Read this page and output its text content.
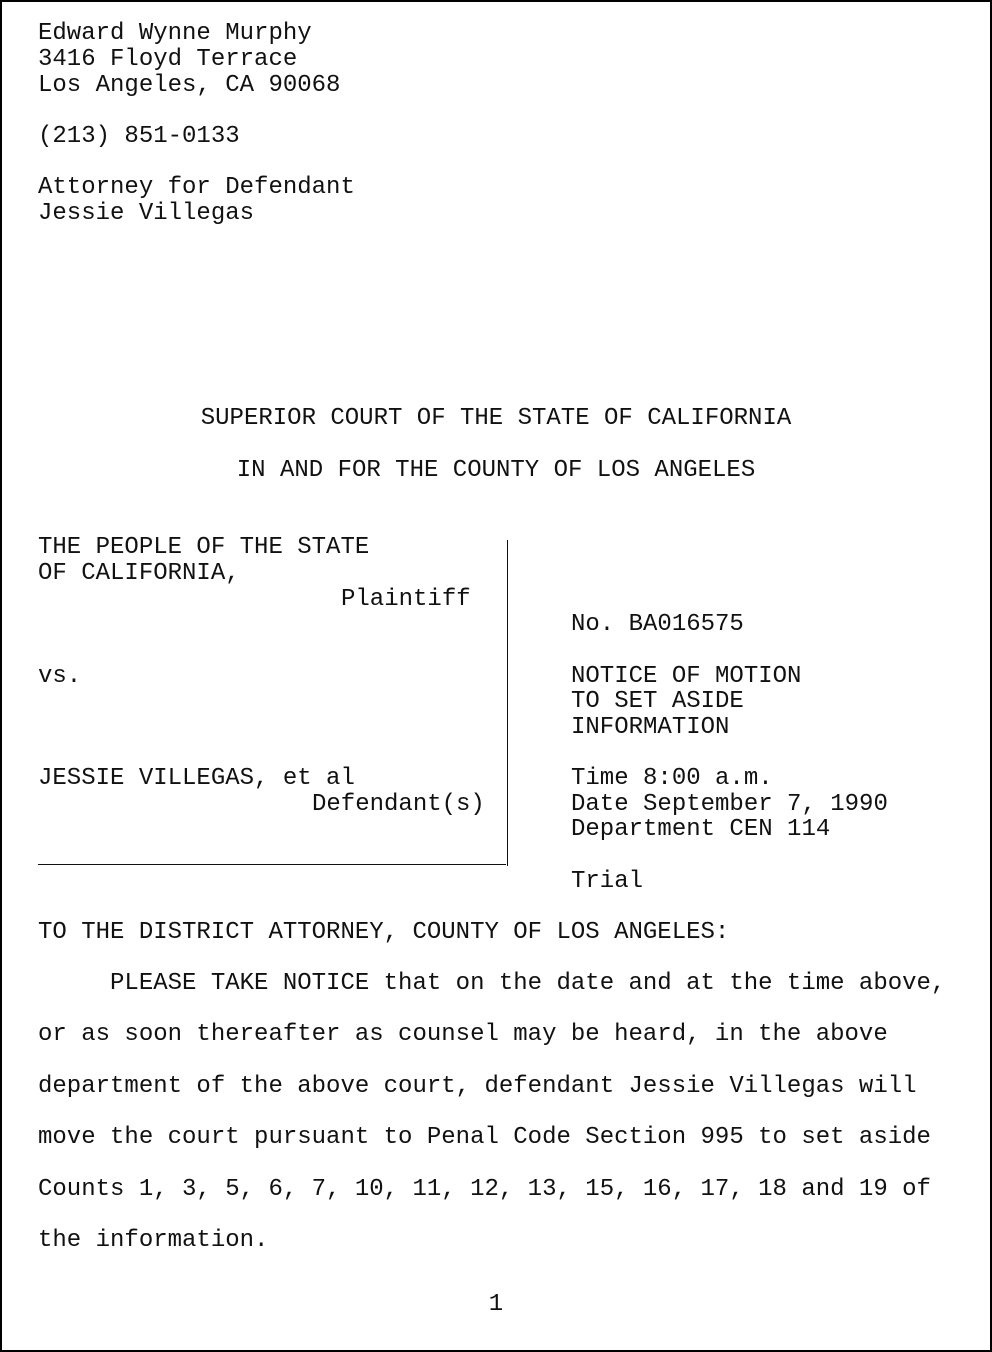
Edward Wynne Murphy
3416 Floyd Terrace
Los Angeles, CA 90068
(213) 851-0133
Attorney for Defendant
Jessie Villegas
SUPERIOR COURT OF THE STATE OF CALIFORNIA
IN AND FOR THE COUNTY OF LOS ANGELES
THE PEOPLE OF THE STATE
OF CALIFORNIA,
Plaintiff
vs.
JESSIE VILLEGAS, et al
Defendant(s)
No. BA016575
NOTICE OF MOTION
TO SET ASIDE
INFORMATION
Time 8:00 a.m.
Date September 7, 1990
Department CEN 114
Trial
TO THE DISTRICT ATTORNEY, COUNTY OF LOS ANGELES:
PLEASE TAKE NOTICE that on the date and at the time above,
or as soon thereafter as counsel may be heard, in the above
department of the above court, defendant Jessie Villegas will
move the court pursuant to Penal Code Section 995 to set aside
Counts 1, 3, 5, 6, 7, 10, 11, 12, 13, 15, 16, 17, 18 and 19 of
the information.
1
